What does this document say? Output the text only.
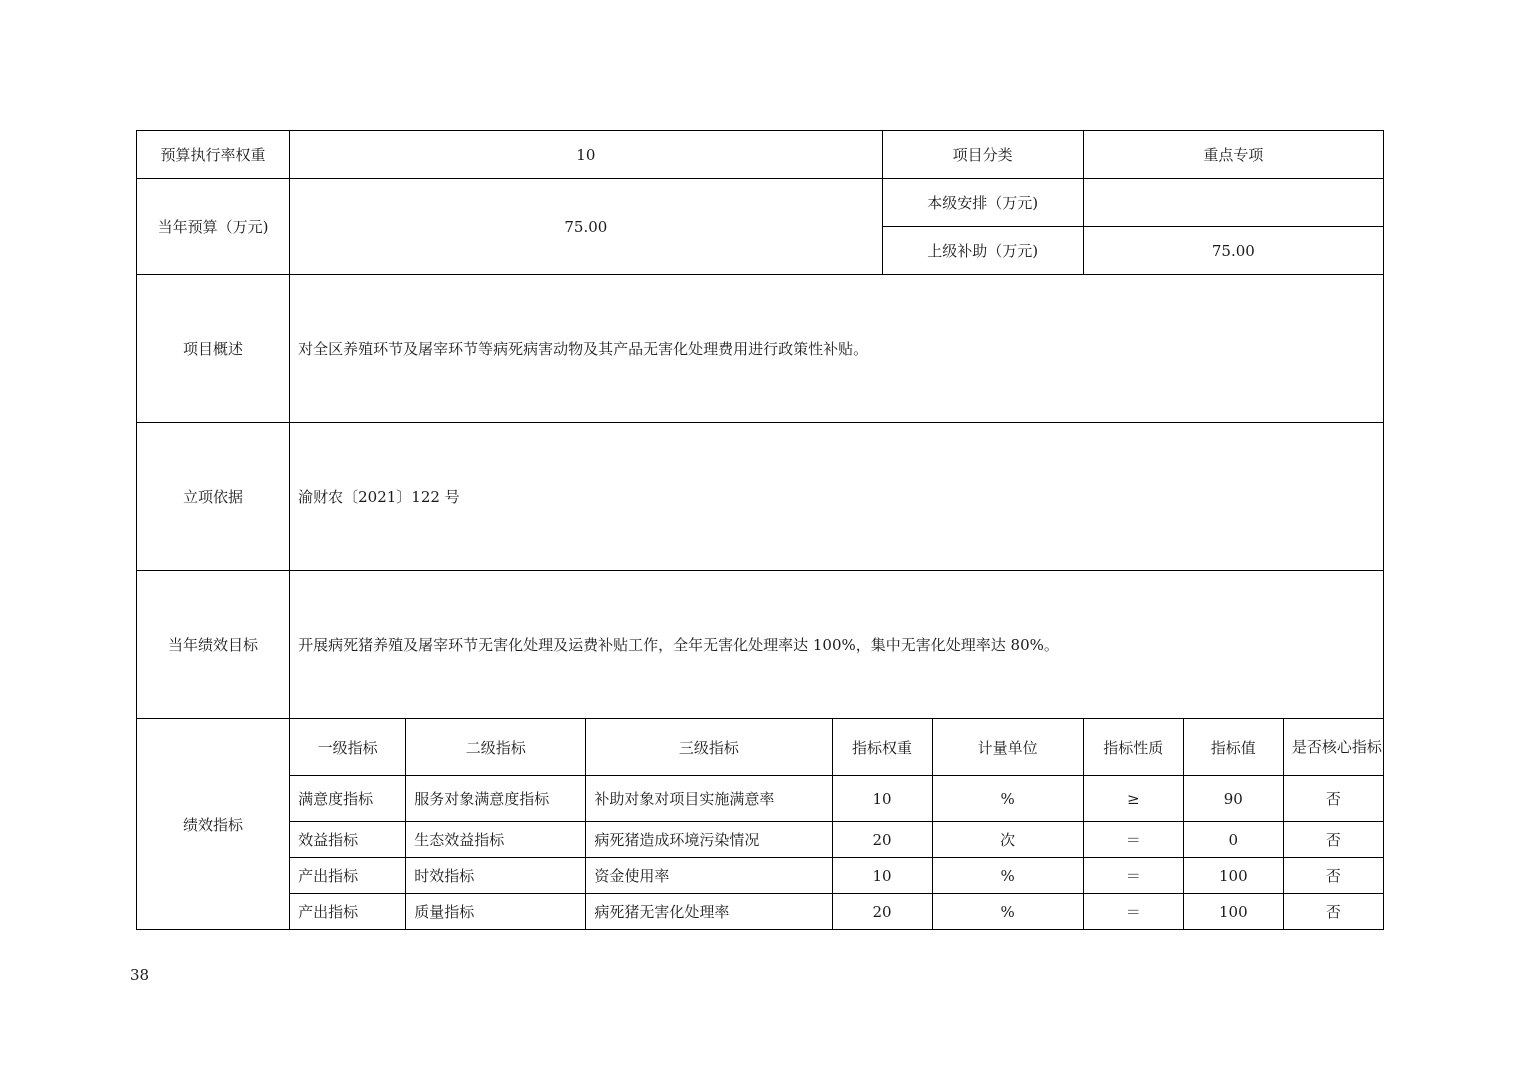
预算执行率权重	10				项目分类		重点专项		
当年预算（万元)	75.00				本级安排（万元)				
					上级补助（万元)		75.00		
项目概述	对全区养殖环节及屠宰环节等病死病害动物及其产品无害化处理费用进行政策性补贴。								
立项依据	渝财农〔2021〕122 号								
当年绩效目标	开展病死猪养殖及屠宰环节无害化处理及运费补贴工作，全年无害化处理率达 100%，集中无害化处理率达 80%。								
绩效指标	一级指标	二级指标	三级指标	指标权重		计量单位	指标性质	指标值	是否核心指标
	满意度指标	服务对象满意度指标	补助对象对项目实施满意率	10		%	≥	90	否
	效益指标	生态效益指标	病死猪造成环境污染情况	20		次	＝	0	否
	产出指标	时效指标	资金使用率	10		%	＝	100	否
	产出指标	质量指标	病死猪无害化处理率	20		%	＝	100	否
38
